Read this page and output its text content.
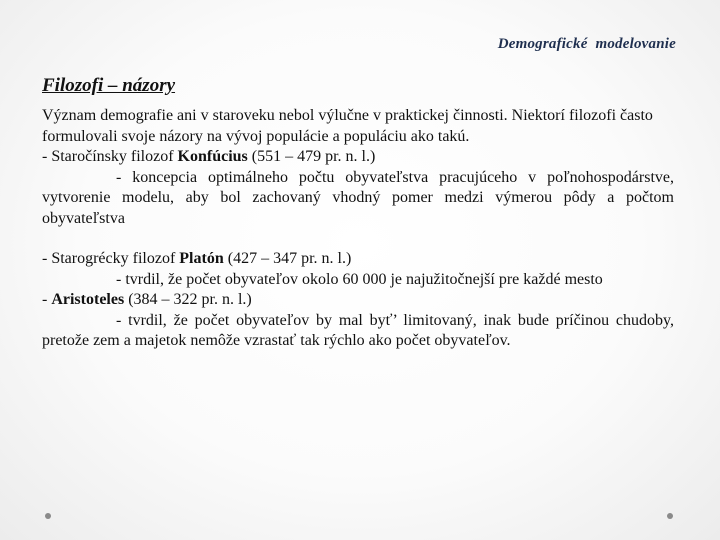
Demografické  modelovanie
Filozofi – názory

Význam demografie ani v staroveku nebol výlučne v praktickej činnosti. Niektorí filozofi často formulovali svoje názory na vývoj populácie a populáciu ako takú.

- Staročínsky filozof Konfúcius (551 – 479 pr. n. l.)

- koncepcia optimálneho počtu obyvateľstva pracujúceho v poľnohospodárstve, vytvorenie modelu, aby bol zachovaný vhodný pomer medzi výmerou pôdy a počtom obyvateľstva

- Starogrécky filozof Platón (427 – 347 pr. n. l.)

- tvrdil, že počet obyvateľov okolo 60 000 je najužitočnejší pre každé mesto

- Aristoteles (384 – 322 pr. n. l.)

- tvrdil, že počet obyvateľov by mal byť’ limitovaný, inak bude príčinou chudoby, pretože zem a majetok nemôže vzrastať tak rýchlo ako počet obyvateľov.
